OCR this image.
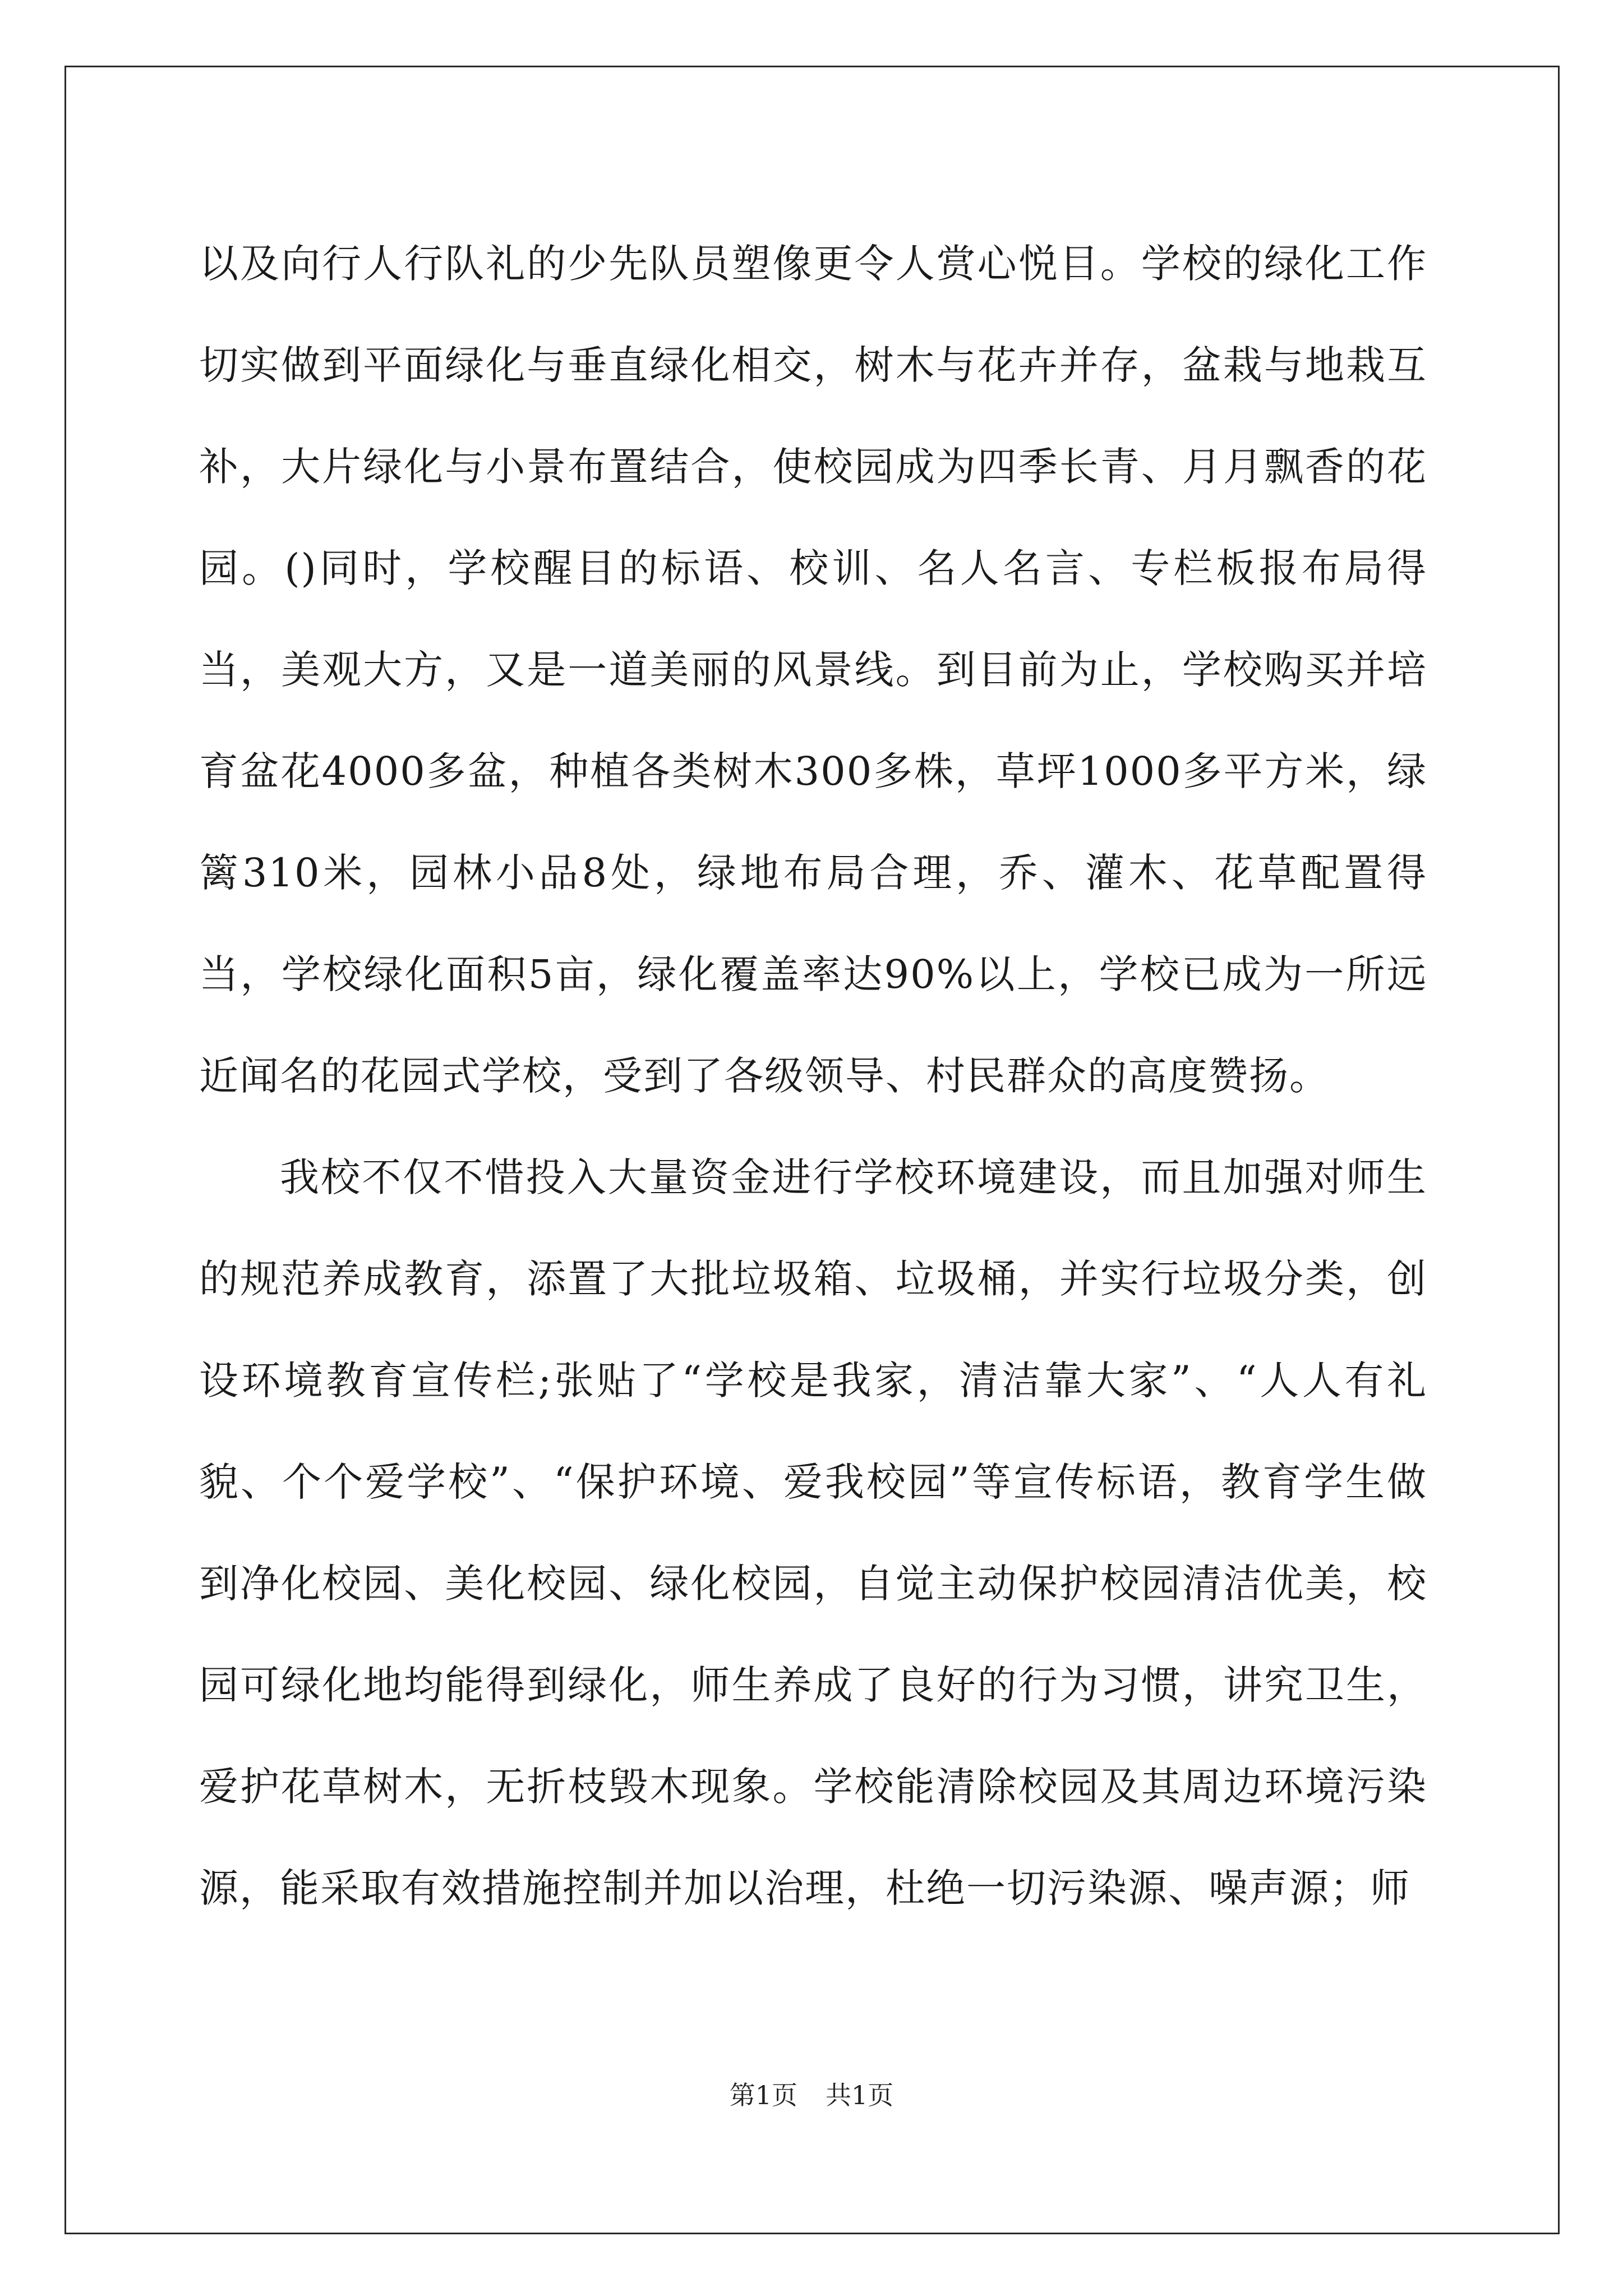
以及向行人行队礼的少先队员塑像更令人赏心悦目。学校的绿化工作切实做到平面绿化与垂直绿化相交，树木与花卉并存，盆栽与地栽互补，大片绿化与小景布置结合，使校园成为四季长青、月月飘香的花园。()同时，学校醒目的标语、校训、名人名言、专栏板报布局得当，美观大方，又是一道美丽的风景线。到目前为止，学校购买并培育盆花4000多盆，种植各类树木300多株，草坪1000多平方米，绿篱310米，园林小品8处，绿地布局合理，乔、灌木、花草配置得当，学校绿化面积5亩，绿化覆盖率达90%以上，学校已成为一所远近闻名的花园式学校，受到了各级领导、村民群众的高度赞扬。

我校不仅不惜投入大量资金进行学校环境建设，而且加强对师生的规范养成教育，添置了大批垃圾箱、垃圾桶，并实行垃圾分类，创设环境教育宣传栏;张贴了“学校是我家，清洁靠大家”、“人人有礼貌、个个爱学校”、“保护环境、爱我校园”等宣传标语，教育学生做到净化校园、美化校园、绿化校园，自觉主动保护校园清洁优美，校园可绿化地均能得到绿化，师生养成了良好的行为习惯，讲究卫生，爱护花草树木，无折枝毁木现象。学校能清除校园及其周边环境污染源，能采取有效措施控制并加以治理，杜绝一切污染源、噪声源；师

第1页 共1页
